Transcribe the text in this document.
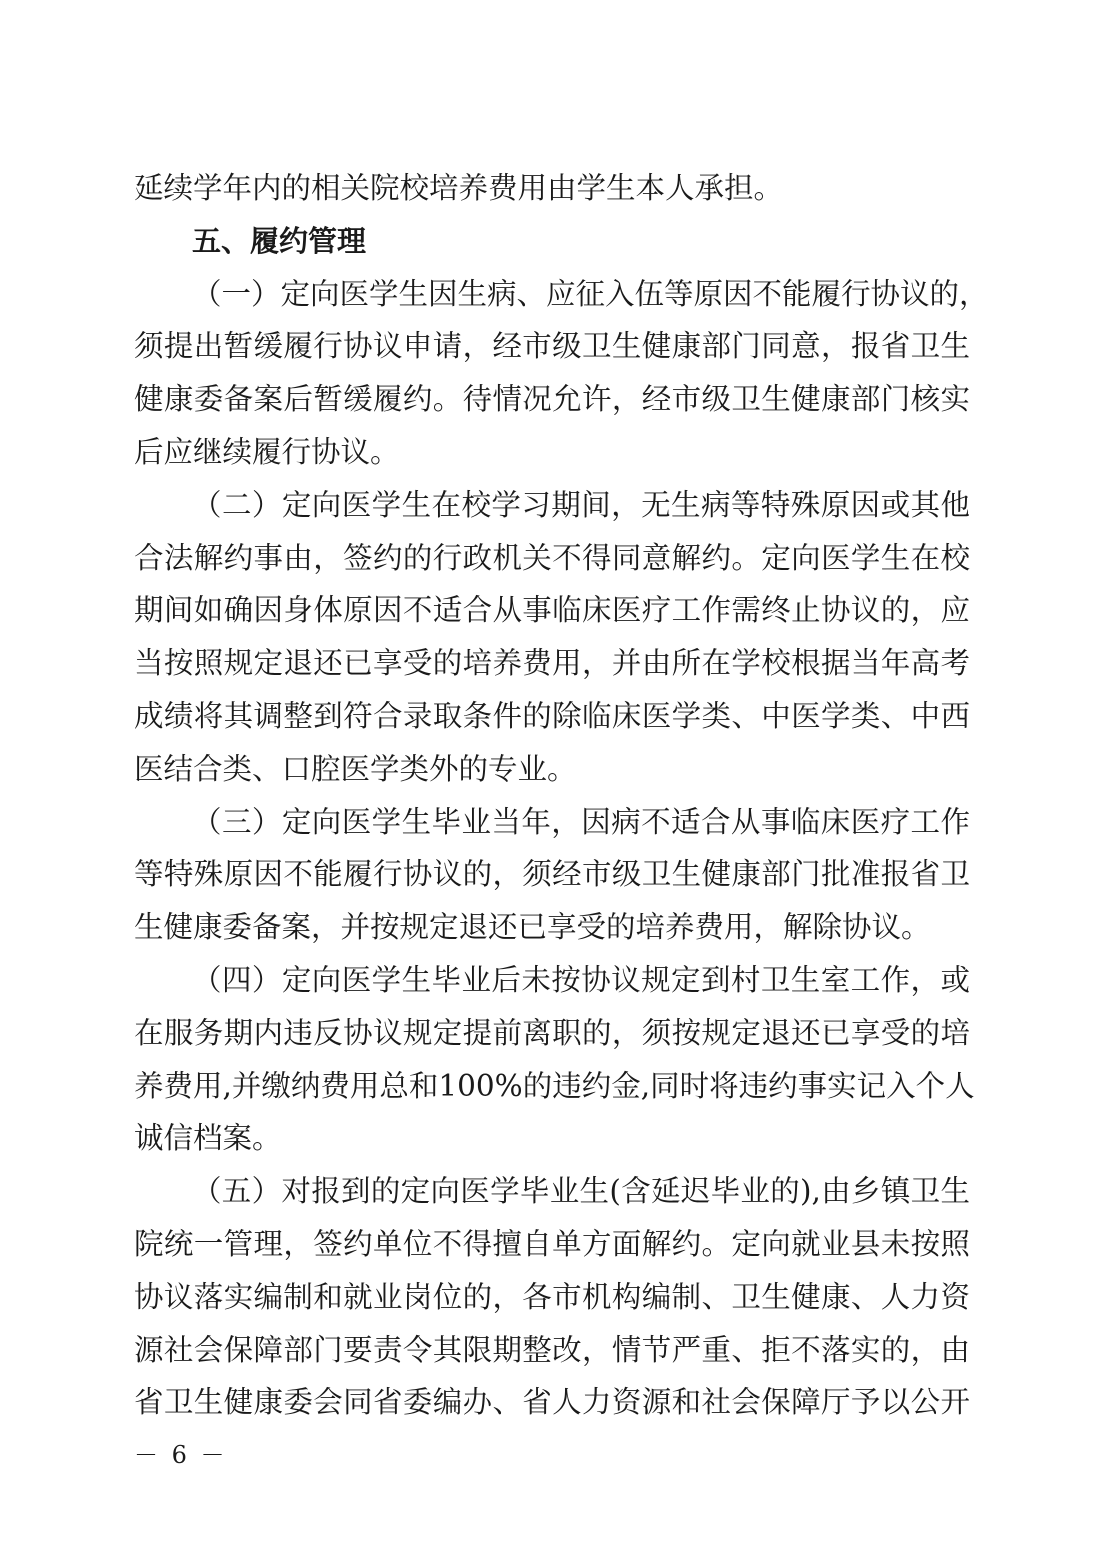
延续学年内的相关院校培养费用由学生本人承担。
五、履约管理
（一）定向医学生因生病、应征入伍等原因不能履行协议的，
须提出暂缓履行协议申请，经市级卫生健康部门同意，报省卫生
健康委备案后暂缓履约。待情况允许，经市级卫生健康部门核实
后应继续履行协议。
（二）定向医学生在校学习期间，无生病等特殊原因或其他
合法解约事由，签约的行政机关不得同意解约。定向医学生在校
期间如确因身体原因不适合从事临床医疗工作需终止协议的，应
当按照规定退还已享受的培养费用，并由所在学校根据当年高考
成绩将其调整到符合录取条件的除临床医学类、中医学类、中西
医结合类、口腔医学类外的专业。
（三）定向医学生毕业当年，因病不适合从事临床医疗工作
等特殊原因不能履行协议的，须经市级卫生健康部门批准报省卫
生健康委备案，并按规定退还已享受的培养费用，解除协议。
（四）定向医学生毕业后未按协议规定到村卫生室工作，或
在服务期内违反协议规定提前离职的，须按规定退还已享受的培
养费用,并缴纳费用总和100%的违约金,同时将违约事实记入个人
诚信档案。
（五）对报到的定向医学毕业生(含延迟毕业的),由乡镇卫生
院统一管理，签约单位不得擅自单方面解约。定向就业县未按照
协议落实编制和就业岗位的，各市机构编制、卫生健康、人力资
源社会保障部门要责令其限期整改，情节严重、拒不落实的，由
省卫生健康委会同省委编办、省人力资源和社会保障厅予以公开
－ 6 －
